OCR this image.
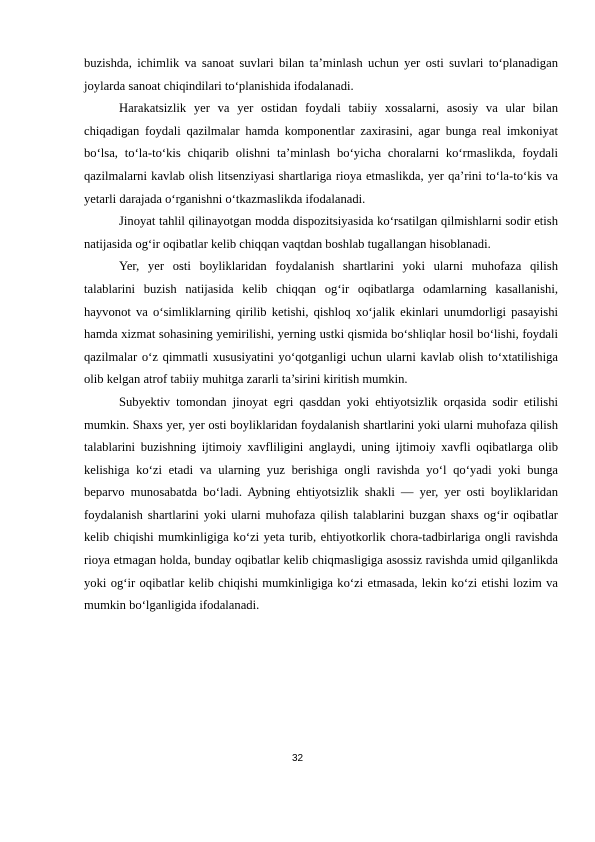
buzishda, ichimlik va sanoat suvlari bilan ta’minlash uchun yer osti suvlari to‘planadigan joylarda sanoat chiqindilari to‘planishida ifodalanadi.

Harakatsizlik yer va yer ostidan foydali tabiiy xossalarni, asosiy va ular bilan chiqadigan foydali qazilmalar hamda komponentlar zaxirasini, agar bunga real imkoniyat bo‘lsa, to‘la-to‘kis chiqarib olishni ta’minlash bo‘yicha choralarni ko‘rmaslikda, foydali qazilmalarni kavlab olish litsenziyasi shartlariga rioya etmaslikda, yer qa’rini to‘la-to‘kis va yetarli darajada o‘rganishni o‘tkazmaslikda ifodalanadi.

Jinoyat tahlil qilinayotgan modda dispozitsiyasida ko‘rsatilgan qilmishlarni sodir etish natijasida og‘ir oqibatlar kelib chiqqan vaqtdan boshlab tugallangan hisoblanadi.

Yer, yer osti boyliklaridan foydalanish shartlarini yoki ularni muhofaza qilish talablarini buzish natijasida kelib chiqqan og‘ir oqibatlarga odamlarning kasallanishi, hayvonot va o‘simliklarning qirilib ketishi, qishloq xo‘jalik ekinlari unumdorligi pasayishi hamda xizmat sohasining yemirilishi, yerning ustki qismida bo‘shliqlar hosil bo‘lishi, foydali qazilmalar o‘z qimmatli xususiyatini yo‘qotganligi uchun ularni kavlab olish to‘xtatilishiga olib kelgan atrof tabiiy muhitga zararli ta’sirini kiritish mumkin.

Subyektiv tomondan jinoyat egri qasddan yoki ehtiyotsizlik orqasida sodir etilishi mumkin. Shaxs yer, yer osti boyliklaridan foydalanish shartlarini yoki ularni muhofaza qilish talablarini buzishning ijtimoiy xavfliligini anglaydi, uning ijtimoiy xavfli oqibatlarga olib kelishiga ko‘zi etadi va ularning yuz berishiga ongli ravishda yo‘l qo‘yadi yoki bunga beparvo munosabatda bo‘ladi. Aybning ehtiyotsizlik shakli — yer, yer osti boyliklaridan foydalanish shartlarini yoki ularni muhofaza qilish talablarini buzgan shaxs og‘ir oqibatlar kelib chiqishi mumkinligiga ko‘zi yeta turib, ehtiyotkorlik chora-tadbirlariga ongli ravishda rioya etmagan holda, bunday oqibatlar kelib chiqmasligiga asossiz ravishda umid qilganlikda yoki og‘ir oqibatlar kelib chiqishi mumkinligiga ko‘zi etmasada, lekin ko‘zi etishi lozim va mumkin bo‘lganligida ifodalanadi.

32
